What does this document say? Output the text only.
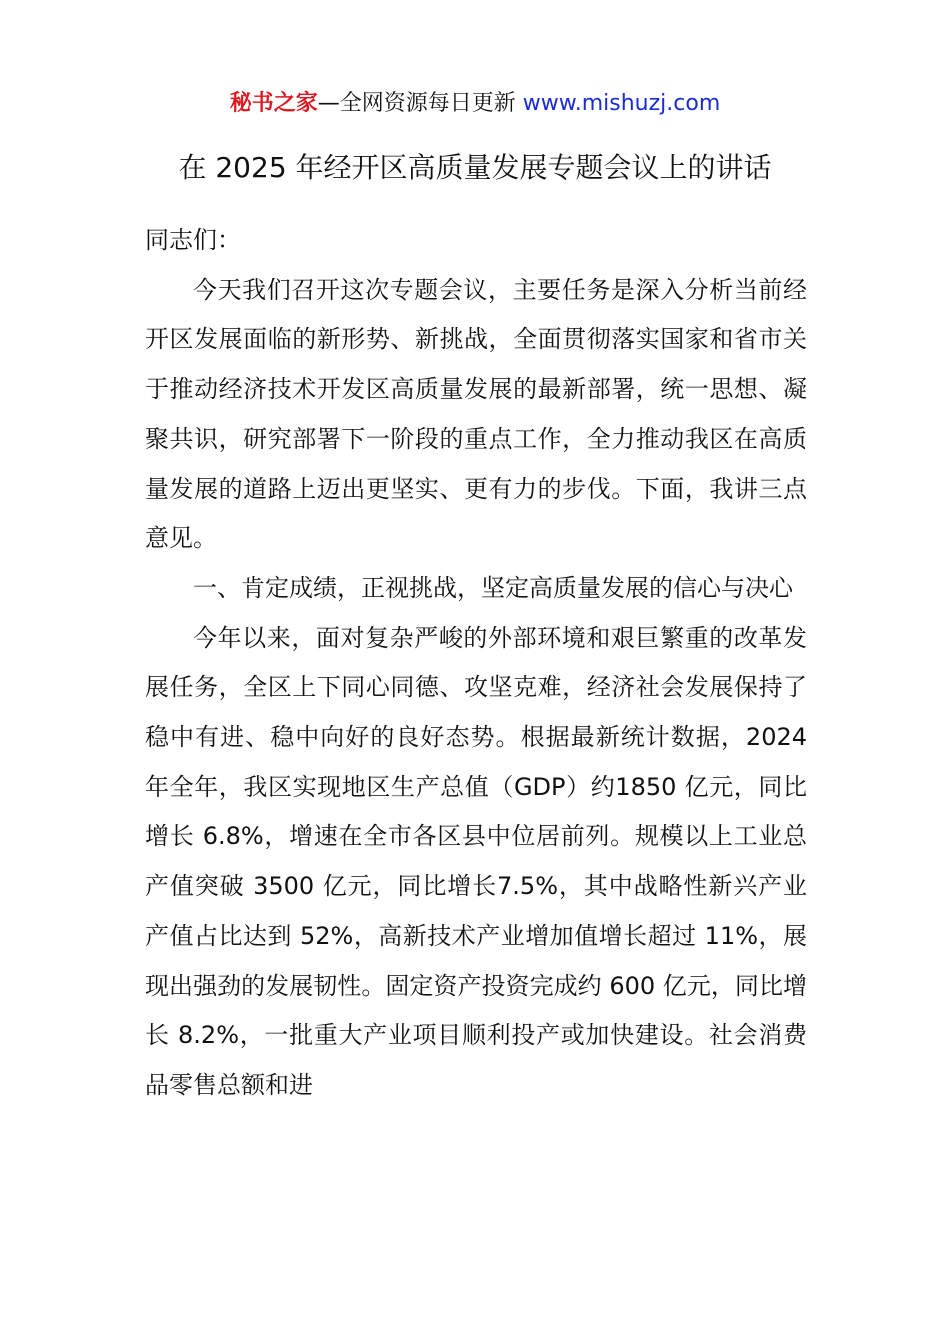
秘书之家—全网资源每日更新 www.mishuzj.com
在 2025 年经开区高质量发展专题会议上的讲话

同志们：

今天我们召开这次专题会议，主要任务是深入分析当前经开区发展面临的新形势、新挑战，全面贯彻落实国家和省市关于推动经济技术开发区高质量发展的最新部署，统一思想、凝聚共识，研究部署下一阶段的重点工作，全力推动我区在高质量发展的道路上迈出更坚实、更有力的步伐。下面，我讲三点意见。

一、肯定成绩，正视挑战，坚定高质量发展的信心与决心

今年以来，面对复杂严峻的外部环境和艰巨繁重的改革发展任务，全区上下同心同德、攻坚克难，经济社会发展保持了稳中有进、稳中向好的良好态势。根据最新统计数据，2024 年全年，我区实现地区生产总值（GDP）约1850 亿元，同比增长 6.8%，增速在全市各区县中位居前列。规模以上工业总产值突破 3500 亿元，同比增长7.5%，其中战略性新兴产业产值占比达到 52%，高新技术产业增加值增长超过 11%，展现出强劲的发展韧性。固定资产投资完成约 600 亿元，同比增长 8.2%，一批重大产业项目顺利投产或加快建设。社会消费品零售总额和进
